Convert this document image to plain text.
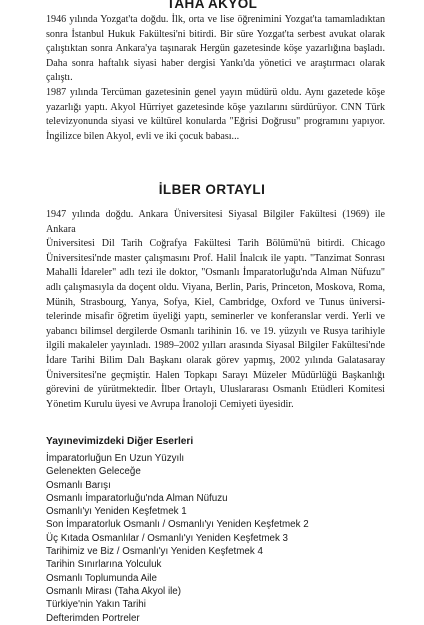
TAHA AKYOL

1946 yılında Yozgat'ta doğdu. İlk, orta ve lise öğrenimini Yozgat'ta tamamladıktan
sonra İstanbul Hukuk Fakültesi'ni bitirdi. Bir süre Yozgat'ta serbest avukat olarak
çalıştıktan sonra Ankara'ya taşınarak Hergün gazetesinde köşe yazarlığına başladı.
Daha sonra haftalık siyasi haber dergisi Yankı'da yönetici ve araştırmacı olarak çalıştı.
1987 yılında Tercüman gazetesinin genel yayın müdürü oldu. Aynı gazetede köşe
yazarlığı yaptı. Akyol Hürriyet gazetesinde köşe yazılarını sürdürüyor. CNN Türk
televizyonunda siyasi ve kültürel konularda "Eğrisi Doğrusu" programını yapıyor.
İngilizce bilen Akyol, evli ve iki çocuk babası...

İLBER ORTAYLI

1947 yılında doğdu. Ankara Üniversitesi Siyasal Bilgiler Fakültesi (1969) ile Ankara
Üniversitesi Dil Tarih Coğrafya Fakültesi Tarih Bölümü'nü bitirdi. Chicago
Üniversitesi'nde master çalışmasını Prof. Halil İnalcık ile yaptı. "Tanzimat Sonrası
Mahalli İdareler" adlı tezi ile doktor, "Osmanlı İmparatorluğu'nda Alman Nüfuzu"
adlı çalışmasıyla da doçent oldu. Viyana, Berlin, Paris, Princeton, Moskova, Roma,
Münih, Strasbourg, Yanya, Sofya, Kiel, Cambridge, Oxford ve Tunus üniversi-
telerinde misafir öğretim üyeliği yaptı, seminerler ve konferanslar verdi. Yerli ve
yabancı bilimsel dergilerde Osmanlı tarihinin 16. ve 19. yüzyılı ve Rusya tarihiyle
ilgili makaleler yayınladı. 1989–2002 yılları arasında Siyasal Bilgiler Fakültesi'nde
İdare Tarihi Bilim Dalı Başkanı olarak görev yapmış, 2002 yılında Galatasaray
Üniversitesi'ne geçmiştir. Halen Topkapı Sarayı Müzeler Müdürlüğü Başkanlığı
görevini de yürütmektedir. İlber Ortaylı, Uluslararası Osmanlı Etüdleri Komitesi
Yönetim Kurulu üyesi ve Avrupa İranoloji Cemiyeti üyesidir.

Yayınevimizdeki Diğer Eserleri
İmparatorluğun En Uzun Yüzyılı
Gelenekten Geleceğe
Osmanlı Barışı
Osmanlı İmparatorluğu'nda Alman Nüfuzu
Osmanlı'yı Yeniden Keşfetmek 1
Son İmparatorluk Osmanlı / Osmanlı'yı Yeniden Keşfetmek 2
Üç Kıtada Osmanlılar / Osmanlı'yı Yeniden Keşfetmek 3
Tarihimiz ve Biz / Osmanlı'yı Yeniden Keşfetmek 4
Tarihin Sınırlarına Yolculuk
Osmanlı Toplumunda Aile
Osmanlı Mirası (Taha Akyol ile)
Türkiye'nin Yakın Tarihi
Defterimden Portreler
